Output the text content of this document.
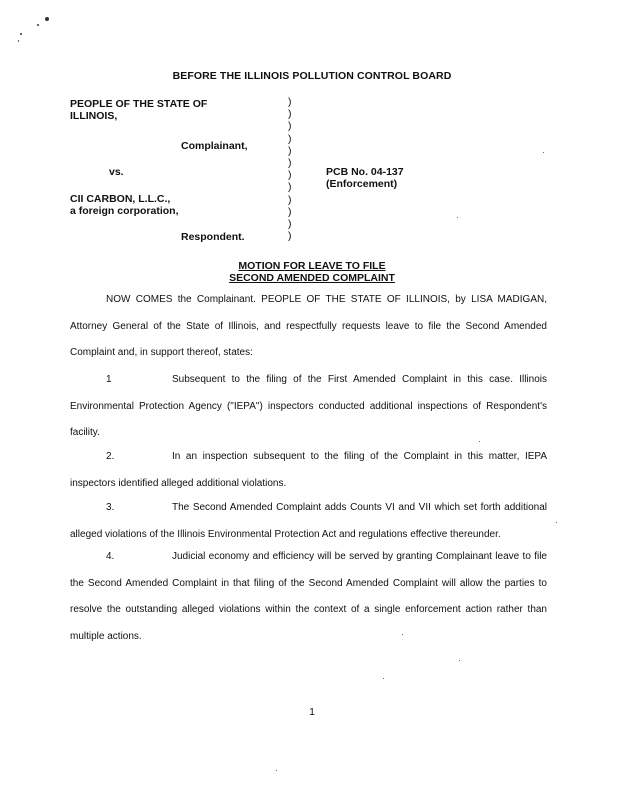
BEFORE THE ILLINOIS POLLUTION CONTROL BOARD
PEOPLE OF THE STATE OF
ILLINOIS,
Complainant,
vs.
CII CARBON, L.L.C.,
a foreign corporation,
Respondent.
)
)
)
)
)
)
)
)
)
)
)
)
PCB No. 04-137
(Enforcement)
MOTION FOR LEAVE TO FILE
SECOND AMENDED COMPLAINT
NOW COMES the Complainant. PEOPLE OF THE STATE OF ILLINOIS, by LISA MADIGAN, Attorney General of the State of Illinois, and respectfully requests leave to file the Second Amended Complaint and, in support thereof, states:
1	Subsequent to the filing of the First Amended Complaint in this case. Illinois Environmental Protection Agency ("IEPA") inspectors conducted additional inspections of Respondent's facility.
2.	In an inspection subsequent to the filing of the Complaint in this matter, IEPA inspectors identified alleged additional violations.
3.	The Second Amended Complaint adds Counts VI and VII which set forth additional alleged violations of the Illinois Environmental Protection Act and regulations effective thereunder.
4.	Judicial economy and efficiency will be served by granting Complainant leave to file the Second Amended Complaint in that filing of the Second Amended Complaint will allow the parties to resolve the outstanding alleged violations within the context of a single enforcement action rather than multiple actions.
1
